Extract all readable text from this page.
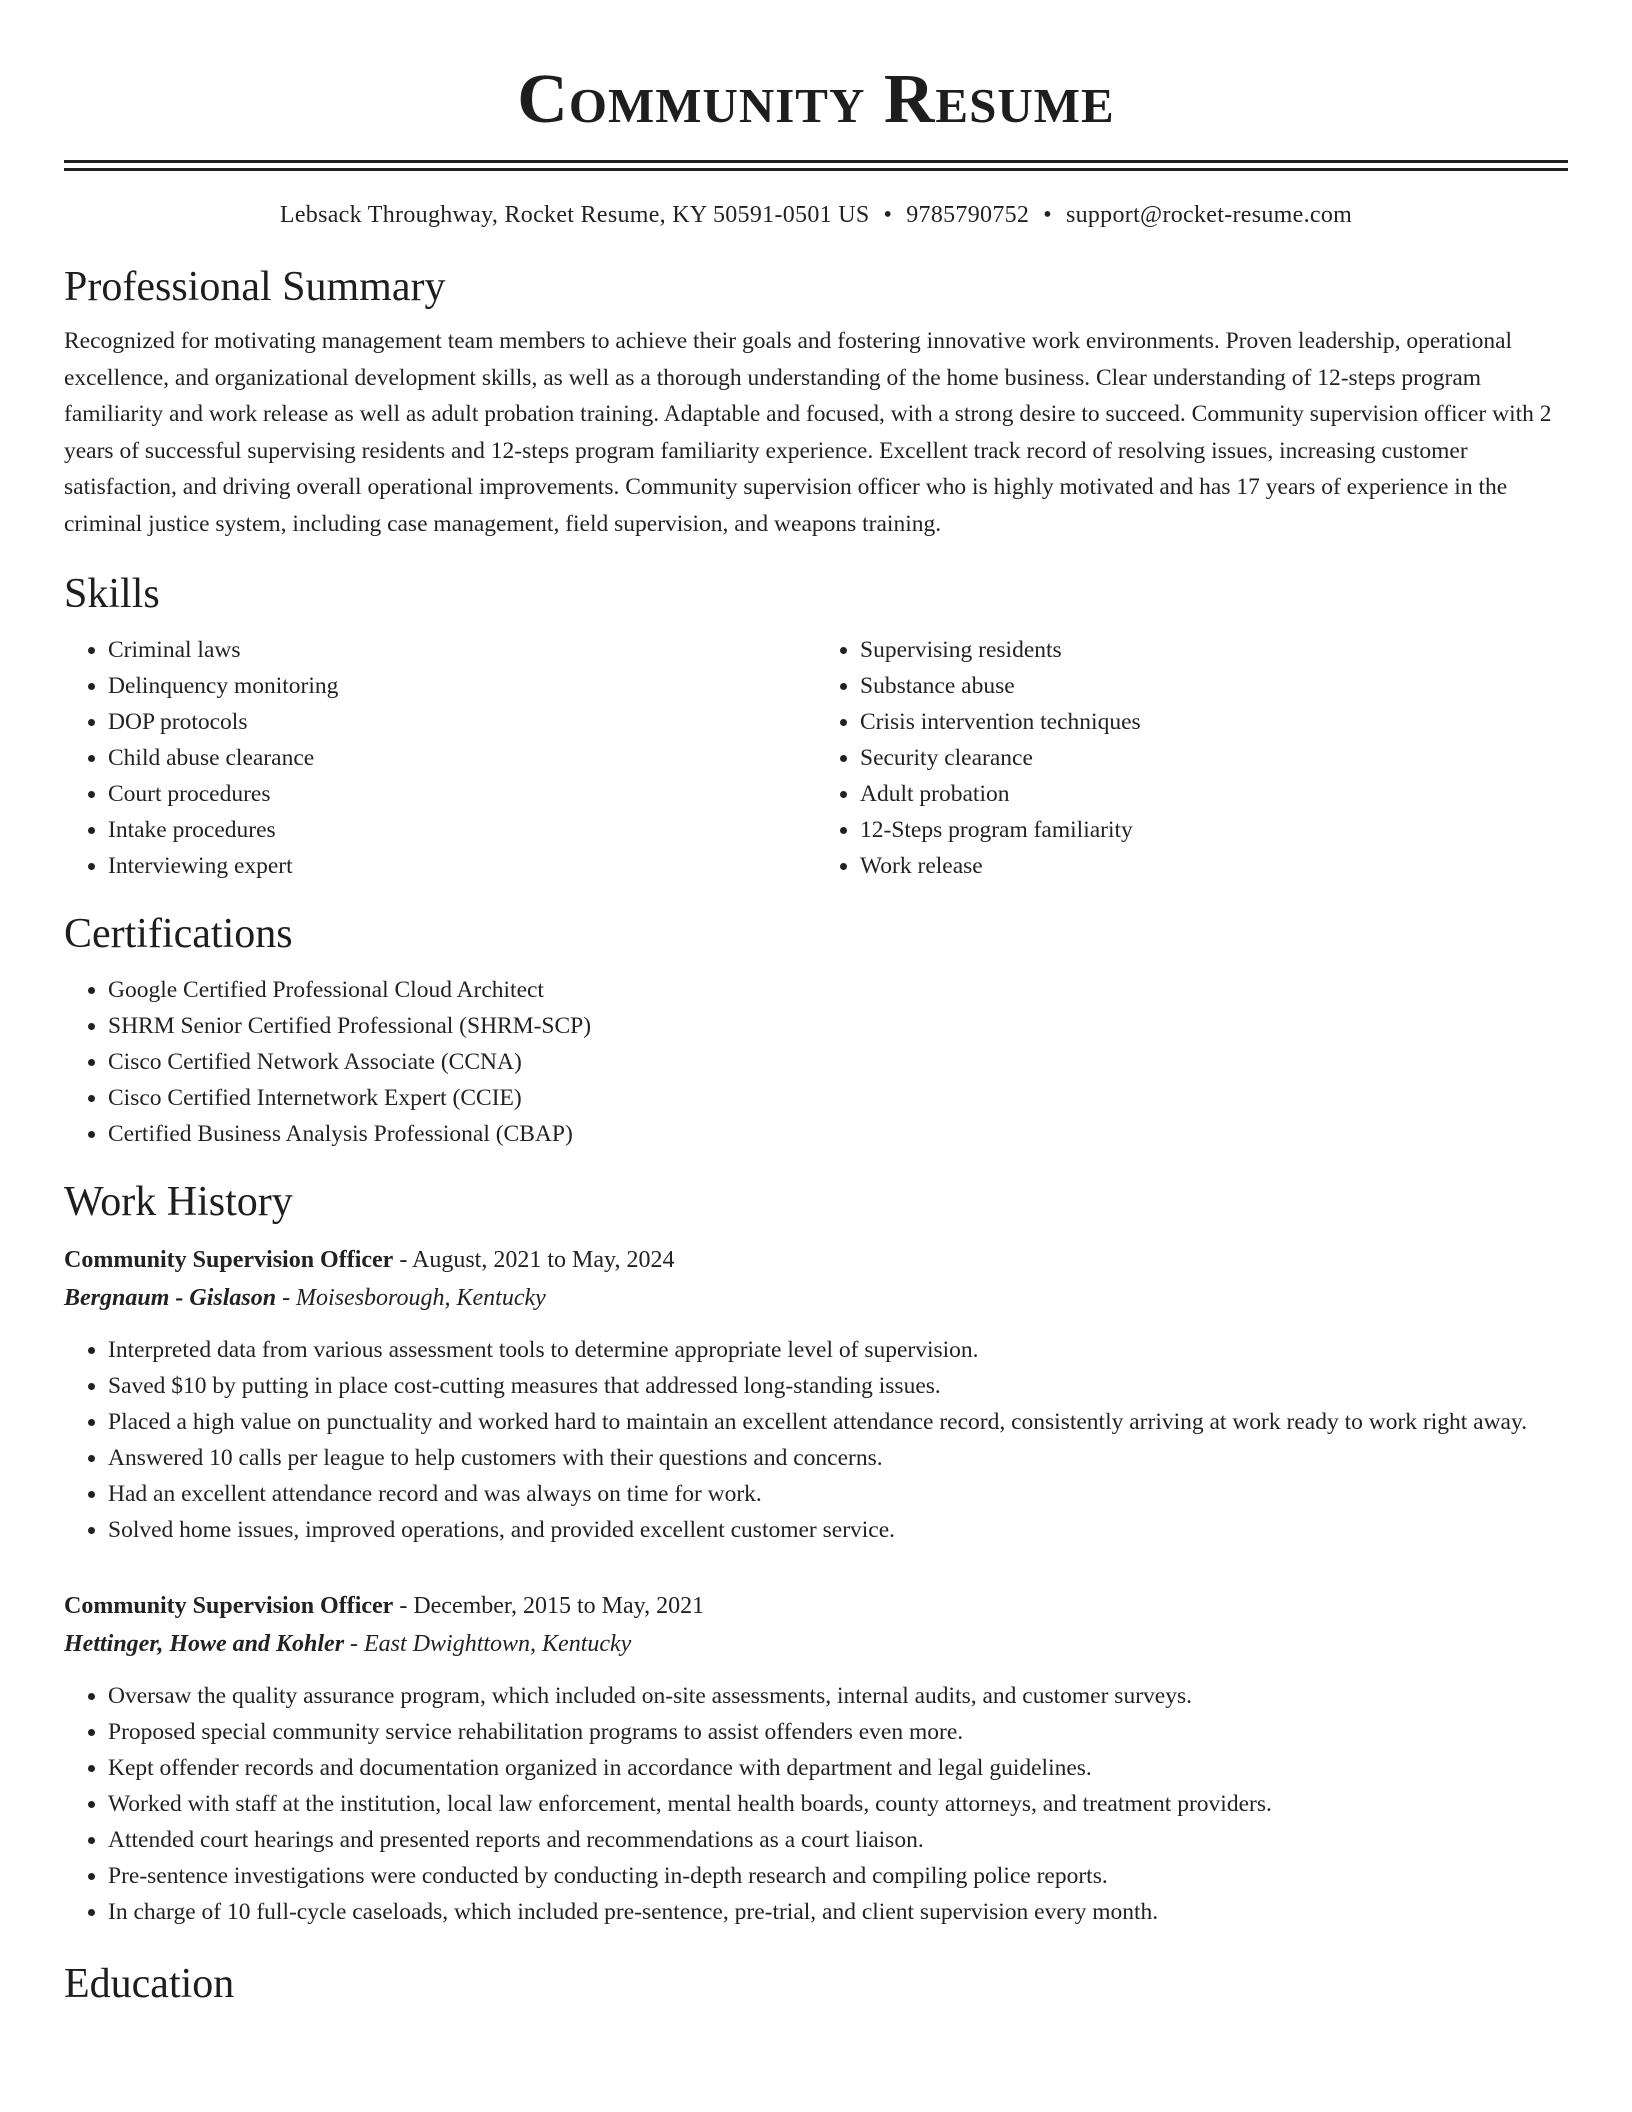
Community Resume
Lebsack Throughway, Rocket Resume, KY 50591-0501 US • 9785790752 • support@rocket-resume.com
Professional Summary

Recognized for motivating management team members to achieve their goals and fostering innovative work environments. Proven leadership, operational excellence, and organizational development skills, as well as a thorough understanding of the home business. Clear understanding of 12-steps program familiarity and work release as well as adult probation training. Adaptable and focused, with a strong desire to succeed. Community supervision officer with 2 years of successful supervising residents and 12-steps program familiarity experience. Excellent track record of resolving issues, increasing customer satisfaction, and driving overall operational improvements. Community supervision officer who is highly motivated and has 17 years of experience in the criminal justice system, including case management, field supervision, and weapons training.

Skills
• Criminal laws
• Delinquency monitoring
• DOP protocols
• Child abuse clearance
• Court procedures
• Intake procedures
• Interviewing expert
• Supervising residents
• Substance abuse
• Crisis intervention techniques
• Security clearance
• Adult probation
• 12-Steps program familiarity
• Work release
Certifications
• Google Certified Professional Cloud Architect
• SHRM Senior Certified Professional (SHRM-SCP)
• Cisco Certified Network Associate (CCNA)
• Cisco Certified Internetwork Expert (CCIE)
• Certified Business Analysis Professional (CBAP)
Work History
Community Supervision Officer - August, 2021 to May, 2024
Bergnaum - Gislason - Moisesborough, Kentucky
• Interpreted data from various assessment tools to determine appropriate level of supervision.
• Saved $10 by putting in place cost-cutting measures that addressed long-standing issues.
• Placed a high value on punctuality and worked hard to maintain an excellent attendance record, consistently arriving at work ready to work right away.
• Answered 10 calls per league to help customers with their questions and concerns.
• Had an excellent attendance record and was always on time for work.
• Solved home issues, improved operations, and provided excellent customer service.
Community Supervision Officer - December, 2015 to May, 2021
Hettinger, Howe and Kohler - East Dwighttown, Kentucky
• Oversaw the quality assurance program, which included on-site assessments, internal audits, and customer surveys.
• Proposed special community service rehabilitation programs to assist offenders even more.
• Kept offender records and documentation organized in accordance with department and legal guidelines.
• Worked with staff at the institution, local law enforcement, mental health boards, county attorneys, and treatment providers.
• Attended court hearings and presented reports and recommendations as a court liaison.
• Pre-sentence investigations were conducted by conducting in-depth research and compiling police reports.
• In charge of 10 full-cycle caseloads, which included pre-sentence, pre-trial, and client supervision every month.
Education
